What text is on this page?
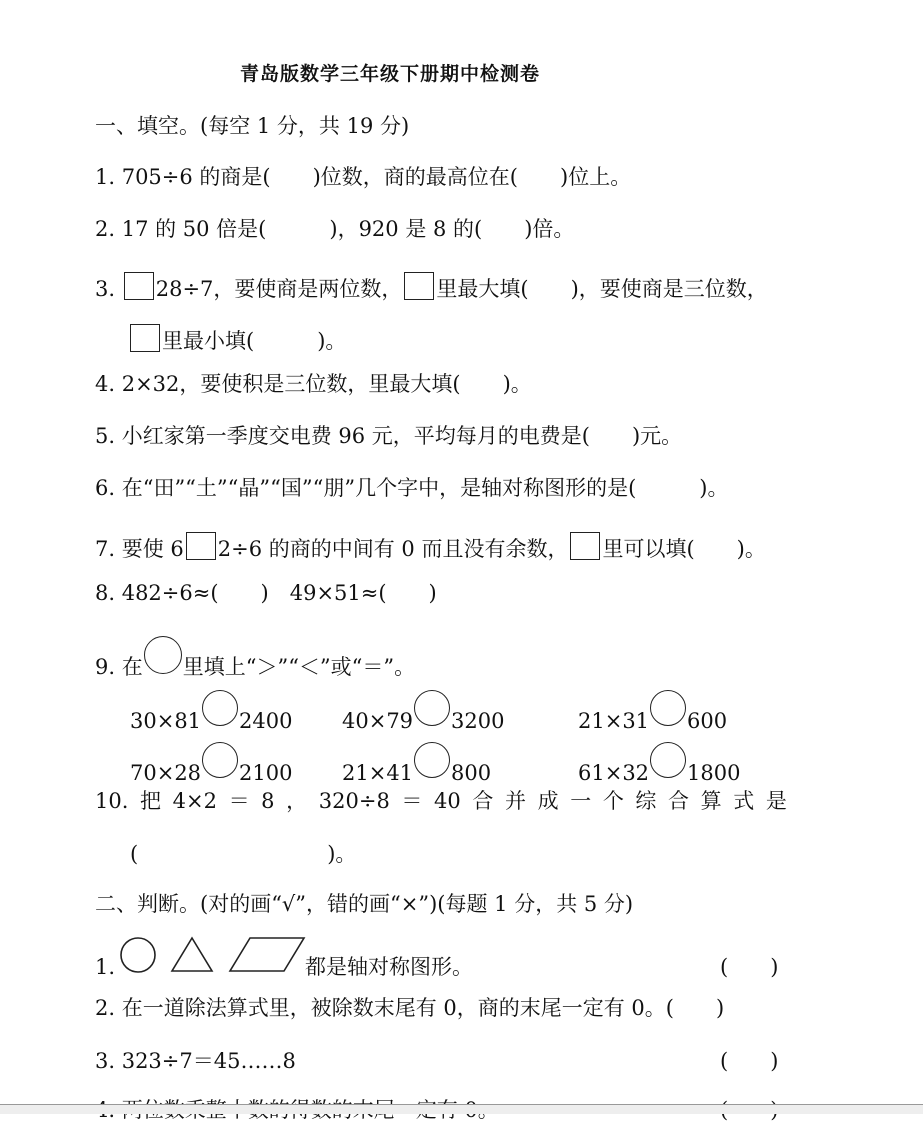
青岛版数学三年级下册期中检测卷
一、填空。(每空 1 分，共 19 分)
1. 705÷6 的商是(　　)位数，商的最高位在(　　)位上。
2. 17 的 50 倍是(　　　)，920 是 8 的(　　)倍。
3. 28÷7，要使商是两位数， 里最大填(　　)，要使商是三位数，
里最小填(　　　)。
4. 2×32，要使积是三位数，里最大填(　　)。
5. 小红家第一季度交电费 96 元，平均每月的电费是(　　)元。
6. 在“田”“土”“晶”“国”“朋”几个字中，是轴对称图形的是(　　　)。
7. 要使 6 2÷6 的商的中间有 0 而且没有余数， 里可以填(　　)。
8. 482÷6≈(　　)　49×51≈(　　)
9. 在 里填上“＞”“＜”或“＝”。
30×81 2400 40×79 3200	21×31 600
70×28 2100 21×41 800	61×32 1800
10. 把 4×2 ＝ 8 ， 320÷8 ＝ 40 合 并 成 一 个 综 合 算 式 是
(　　　　　　　　　)。
二、判断。(对的画“√”，错的画“×”)(每题 1 分，共 5 分)
1.	都是轴对称图形。	(　　)
2. 在一道除法算式里，被除数末尾有 0，商的末尾一定有 0。(　　)
3. 323÷7＝45……8	(　　)
